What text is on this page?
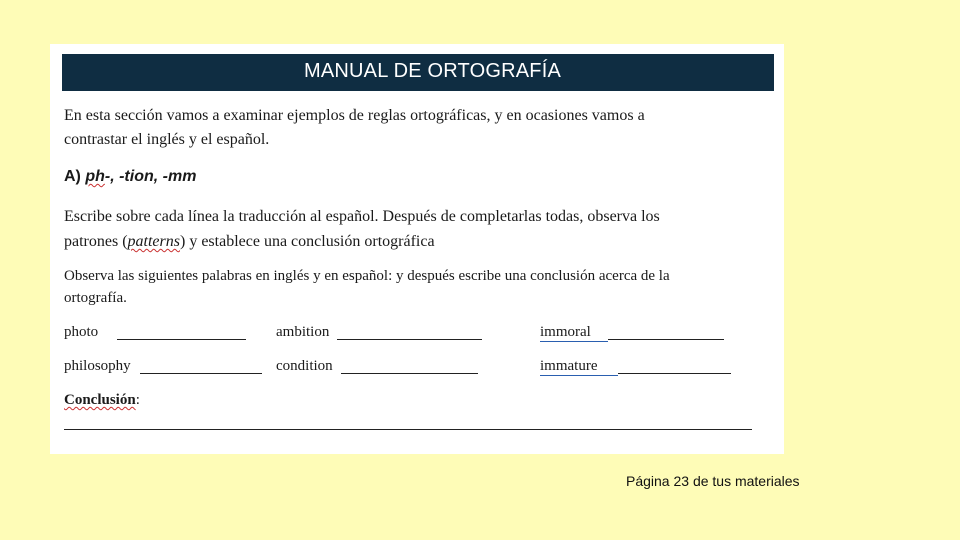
MANUAL DE ORTOGRAFÍA
En esta sección vamos a examinar ejemplos de reglas ortográficas, y en ocasiones vamos a
contrastar el inglés y el español.
A) ph-, -tion, -mm
Escribe sobre cada línea la traducción al español. Después de completarlas todas, observa los
patrones (patterns) y establece una conclusión ortográfica
Observa las siguientes palabras en inglés y en español: y después escribe una conclusión acerca de la
ortografía.
photo	ambition	immoral
philosophy	condition	immature
Conclusión:
Página 23 de tus materiales
